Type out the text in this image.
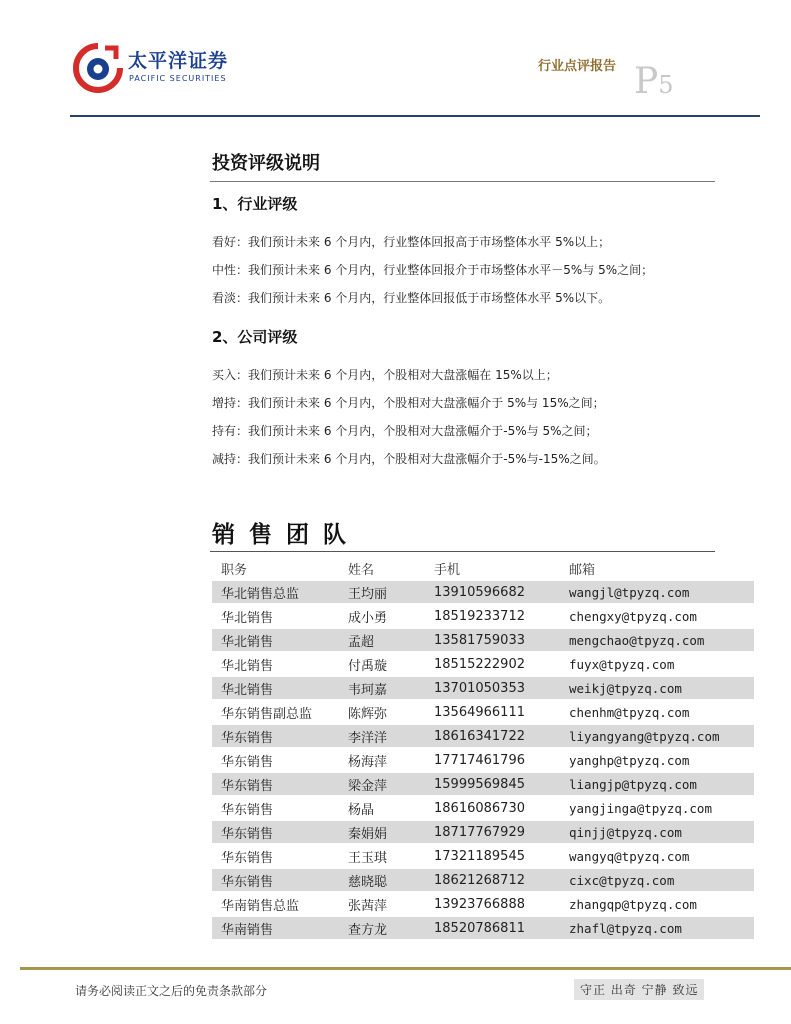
太平洋证券
PACIFIC SECURITIES
行业点评报告 P5
投资评级说明
1、行业评级
看好：我们预计未来 6 个月内，行业整体回报高于市场整体水平 5%以上；
中性：我们预计未来 6 个月内，行业整体回报介于市场整体水平－5%与 5%之间；
看淡：我们预计未来 6 个月内，行业整体回报低于市场整体水平 5%以下。
2、公司评级
买入：我们预计未来 6 个月内，个股相对大盘涨幅在 15%以上；
增持：我们预计未来 6 个月内，个股相对大盘涨幅介于 5%与 15%之间；
持有：我们预计未来 6 个月内，个股相对大盘涨幅介于-5%与 5%之间；
减持：我们预计未来 6 个月内，个股相对大盘涨幅介于-5%与-15%之间。
销售团队
职务	姓名	手机	邮箱
华北销售总监	王均丽	13910596682	wangjl@tpyzq.com
华北销售	成小勇	18519233712	chengxy@tpyzq.com
华北销售	孟超	13581759033	mengchao@tpyzq.com
华北销售	付禹璇	18515222902	fuyx@tpyzq.com
华北销售	韦珂嘉	13701050353	weikj@tpyzq.com
华东销售副总监	陈辉弥	13564966111	chenhm@tpyzq.com
华东销售	李洋洋	18616341722	liyangyang@tpyzq.com
华东销售	杨海萍	17717461796	yanghp@tpyzq.com
华东销售	梁金萍	15999569845	liangjp@tpyzq.com
华东销售	杨晶	18616086730	yangjinga@tpyzq.com
华东销售	秦娟娟	18717767929	qinjj@tpyzq.com
华东销售	王玉琪	17321189545	wangyq@tpyzq.com
华东销售	慈晓聪	18621268712	cixc@tpyzq.com
华南销售总监	张茜萍	13923766888	zhangqp@tpyzq.com
华南销售	查方龙	18520786811	zhafl@tpyzq.com
请务必阅读正文之后的免责条款部分	守正 出奇 宁静 致远
